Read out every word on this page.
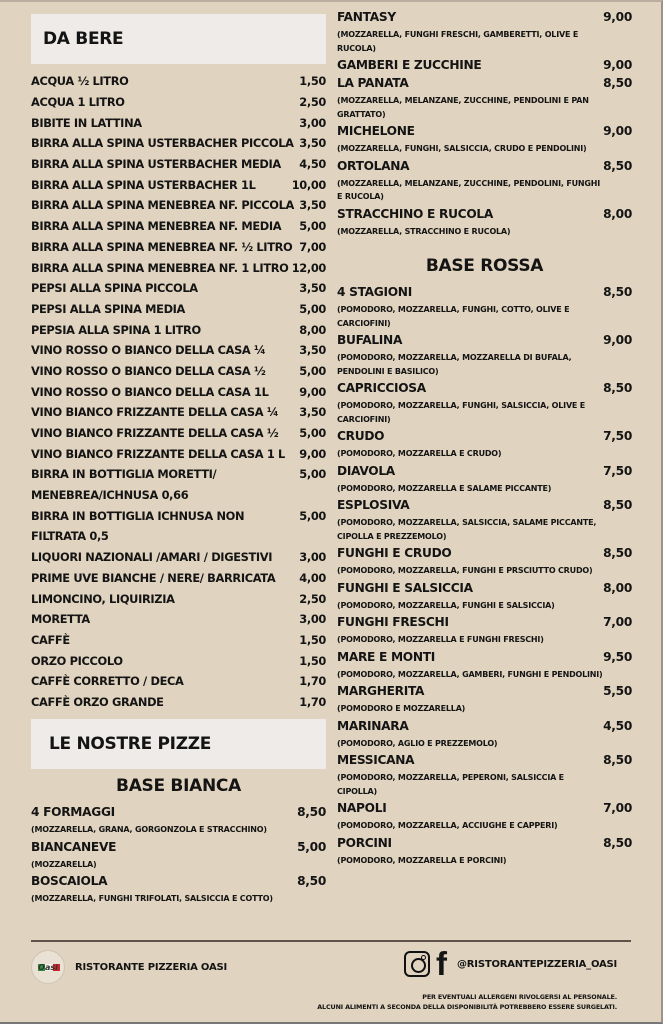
DA BERE
ACQUA ½ LITRO	1,50
ACQUA 1 LITRO	2,50
BIBITE IN LATTINA	3,00
BIRRA ALLA SPINA USTERBACHER PICCOLA 3,50
BIRRA ALLA SPINA USTERBACHER MEDIA 4,50
BIRRA ALLA SPINA USTERBACHER 1L	10,00
BIRRA ALLA SPINA MENEBREA NF. PICCOLA 3,50
BIRRA ALLA SPINA MENEBREA NF. MEDIA 5,00
BIRRA ALLA SPINA MENEBREA NF. ½ LITRO 7,00
BIRRA ALLA SPINA MENEBREA NF. 1 LITRO 12,00
PEPSI ALLA SPINA PICCOLA	3,50
PEPSI ALLA SPINA MEDIA	5,00
PEPSIA ALLA SPINA 1 LITRO	8,00
VINO ROSSO O BIANCO DELLA CASA ¼	3,50
VINO ROSSO O BIANCO DELLA CASA ½	5,00
VINO ROSSO O BIANCO DELLA CASA 1L	9,00
VINO BIANCO FRIZZANTE DELLA CASA ¼ 3,50
VINO BIANCO FRIZZANTE DELLA CASA ½ 5,00
VINO BIANCO FRIZZANTE DELLA CASA 1 L 9,00
BIRRA IN BOTTIGLIA MORETTI/	5,00
MENEBREA/ICHNUSA 0,66
BIRRA IN BOTTIGLIA ICHNUSA NON	5,00
FILTRATA 0,5
LIQUORI NAZIONALI /AMARI / DIGESTIVI 3,00
PRIME UVE BIANCHE / NERE/ BARRICATA 4,00
LIMONCINO, LIQUIRIZIA	2,50
MORETTA	3,00
CAFFÈ	1,50
ORZO PICCOLO	1,50
CAFFÈ CORRETTO / DECA	1,70
CAFFÈ ORZO GRANDE	1,70
LE NOSTRE PIZZE
BASE BIANCA
4 FORMAGGI	8,50
(MOZZARELLA, GRANA, GORGONZOLA E STRACCHINO)
BIANCANEVE	5,00
(MOZZARELLA)
BOSCAIOLA	8,50
(MOZZARELLA, FUNGHI TRIFOLATI, SALSICCIA E COTTO)
FANTASY	9,00
(MOZZARELLA, FUNGHI FRESCHI, GAMBERETTI, OLIVE E RUCOLA)
GAMBERI E ZUCCHINE	9,00
LA PANATA	8,50
(MOZZARELLA, MELANZANE, ZUCCHINE, PENDOLINI E PAN GRATTATO)
MICHELONE	9,00
(MOZZARELLA, FUNGHI, SALSICCIA, CRUDO E PENDOLINI)
ORTOLANA	8,50
(MOZZARELLA, MELANZANE, ZUCCHINE, PENDOLINI, FUNGHI E RUCOLA)
STRACCHINO E RUCOLA	8,00
(MOZZARELLA, STRACCHINO E RUCOLA)
BASE ROSSA
4 STAGIONI	8,50
(POMODORO, MOZZARELLA, FUNGHI, COTTO, OLIVE E CARCIOFINI)
BUFALINA	9,00
(POMODORO, MOZZARELLA, MOZZARELLA DI BUFALA, PENDOLINI E BASILICO)
CAPRICCIOSA	8,50
(POMODORO, MOZZARELLA, FUNGHI, SALSICCIA, OLIVE E CARCIOFINI)
CRUDO	7,50
(POMODORO, MOZZARELLA E CRUDO)
DIAVOLA	7,50
(POMODORO, MOZZARELLA E SALAME PICCANTE)
ESPLOSIVA	8,50
(POMODORO, MOZZARELLA, SALSICCIA, SALAME PICCANTE, CIPOLLA E PREZZEMOLO)
FUNGHI E CRUDO	8,50
(POMODORO, MOZZARELLA, FUNGHI E PRSCIUTTO CRUDO)
FUNGHI E SALSICCIA	8,00
(POMODORO, MOZZARELLA, FUNGHI E SALSICCIA)
FUNGHI FRESCHI	7,00
(POMODORO, MOZZARELLA E FUNGHI FRESCHI)
MARE E MONTI	9,50
(POMODORO, MOZZARELLA, GAMBERI, FUNGHI E PENDOLINI)
MARGHERITA	5,50
(POMODORO E MOZZARELLA)
MARINARA	4,50
(POMODORO, AGLIO E PREZZEMOLO)
MESSICANA	8,50
(POMODORO, MOZZARELLA, PEPERONI, SALSICCIA E CIPOLLA)
NAPOLI	7,00
(POMODORO, MOZZARELLA, ACCIUGHE E CAPPERI)
PORCINI	8,50
(POMODORO, MOZZARELLA E PORCINI)
Oasi RISTORANTE PIZZERIA OASI	f @RISTORANTEPIZZERIA_OASI
PER EVENTUALI ALLERGENI RIVOLGERSI AL PERSONALE.
ALCUNI ALIMENTI A SECONDA DELLA DISPONIBILITÀ POTREBBERO ESSERE SURGELATI.
